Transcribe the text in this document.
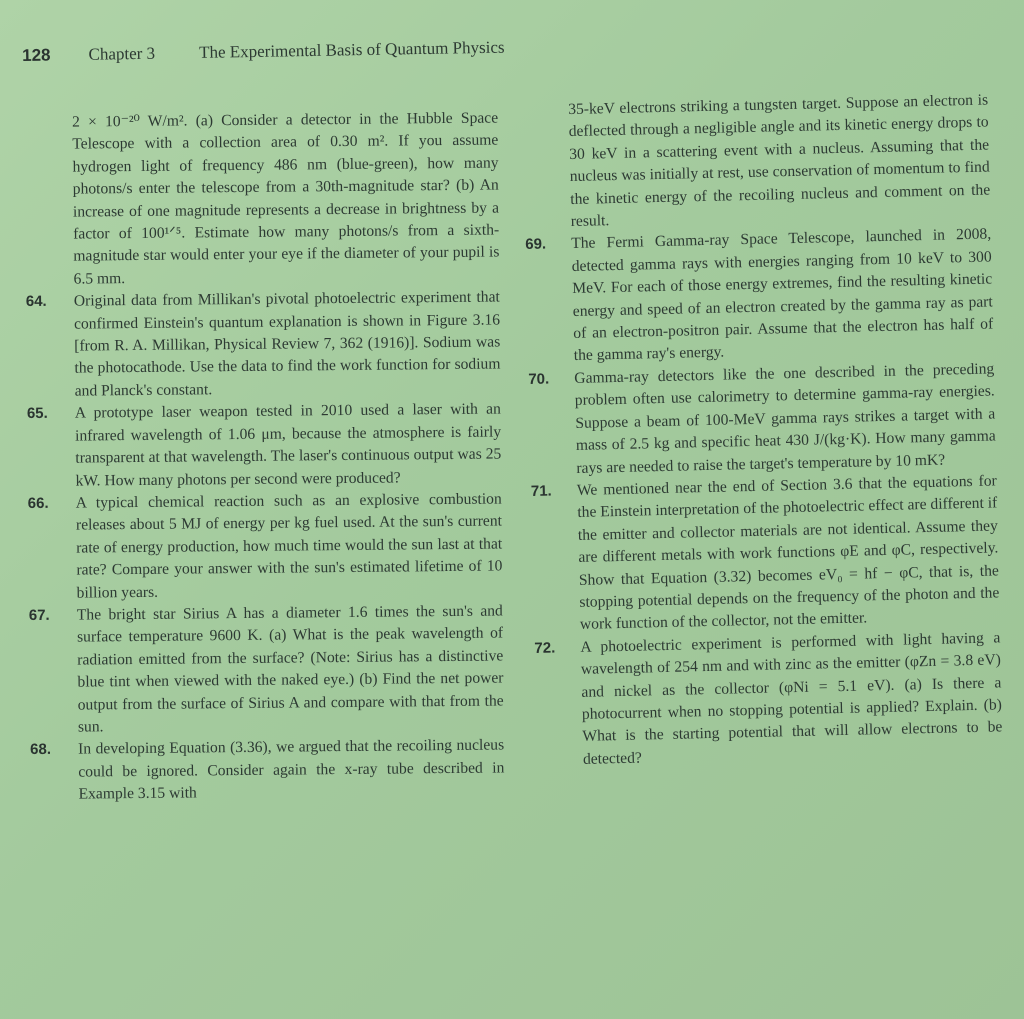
128 Chapter 3	The Experimental Basis of Quantum Physics
2 × 10⁻²⁰ W/m². (a) Consider a detector in the Hubble Space Telescope with a collection area of 0.30 m². If you assume hydrogen light of frequency 486 nm (blue-green), how many photons/s enter the telescope from a 30th-magnitude star? (b) An increase of one magnitude represents a decrease in brightness by a factor of 100¹ᐟ⁵. Estimate how many photons/s from a sixth-magnitude star would enter your eye if the diameter of your pupil is 6.5 mm.
64. Original data from Millikan's pivotal photoelectric experiment that confirmed Einstein's quantum explanation is shown in Figure 3.16 [from R. A. Millikan, Physical Review 7, 362 (1916)]. Sodium was the photocathode. Use the data to find the work function for sodium and Planck's constant.
65. A prototype laser weapon tested in 2010 used a laser with an infrared wavelength of 1.06 μm, because the atmosphere is fairly transparent at that wavelength. The laser's continuous output was 25 kW. How many photons per second were produced?
66. A typical chemical reaction such as an explosive combustion releases about 5 MJ of energy per kg fuel used. At the sun's current rate of energy production, how much time would the sun last at that rate? Compare your answer with the sun's estimated lifetime of 10 billion years.
67. The bright star Sirius A has a diameter 1.6 times the sun's and surface temperature 9600 K. (a) What is the peak wavelength of radiation emitted from the surface? (Note: Sirius has a distinctive blue tint when viewed with the naked eye.) (b) Find the net power output from the surface of Sirius A and compare with that from the sun.
68. In developing Equation (3.36), we argued that the recoiling nucleus could be ignored. Consider again the x-ray tube described in Example 3.15 with
35-keV electrons striking a tungsten target. Suppose an electron is deflected through a negligible angle and its kinetic energy drops to 30 keV in a scattering event with a nucleus. Assuming that the nucleus was initially at rest, use conservation of momentum to find the kinetic energy of the recoiling nucleus and comment on the result.
69. The Fermi Gamma-ray Space Telescope, launched in 2008, detected gamma rays with energies ranging from 10 keV to 300 MeV. For each of those energy extremes, find the resulting kinetic energy and speed of an electron created by the gamma ray as part of an electron-positron pair. Assume that the electron has half of the gamma ray's energy.
70. Gamma-ray detectors like the one described in the preceding problem often use calorimetry to determine gamma-ray energies. Suppose a beam of 100-MeV gamma rays strikes a target with a mass of 2.5 kg and specific heat 430 J/(kg·K). How many gamma rays are needed to raise the target's temperature by 10 mK?
71. We mentioned near the end of Section 3.6 that the equations for the Einstein interpretation of the photoelectric effect are different if the emitter and collector materials are not identical. Assume they are different metals with work functions φE and φC, respectively. Show that Equation (3.32) becomes eV₀ = hf − φC, that is, the stopping potential depends on the frequency of the photon and the work function of the collector, not the emitter.
72. A photoelectric experiment is performed with light having a wavelength of 254 nm and with zinc as the emitter (φZn = 3.8 eV) and nickel as the collector (φNi = 5.1 eV). (a) Is there a photocurrent when no stopping potential is applied? Explain. (b) What is the starting potential that will allow electrons to be detected?
